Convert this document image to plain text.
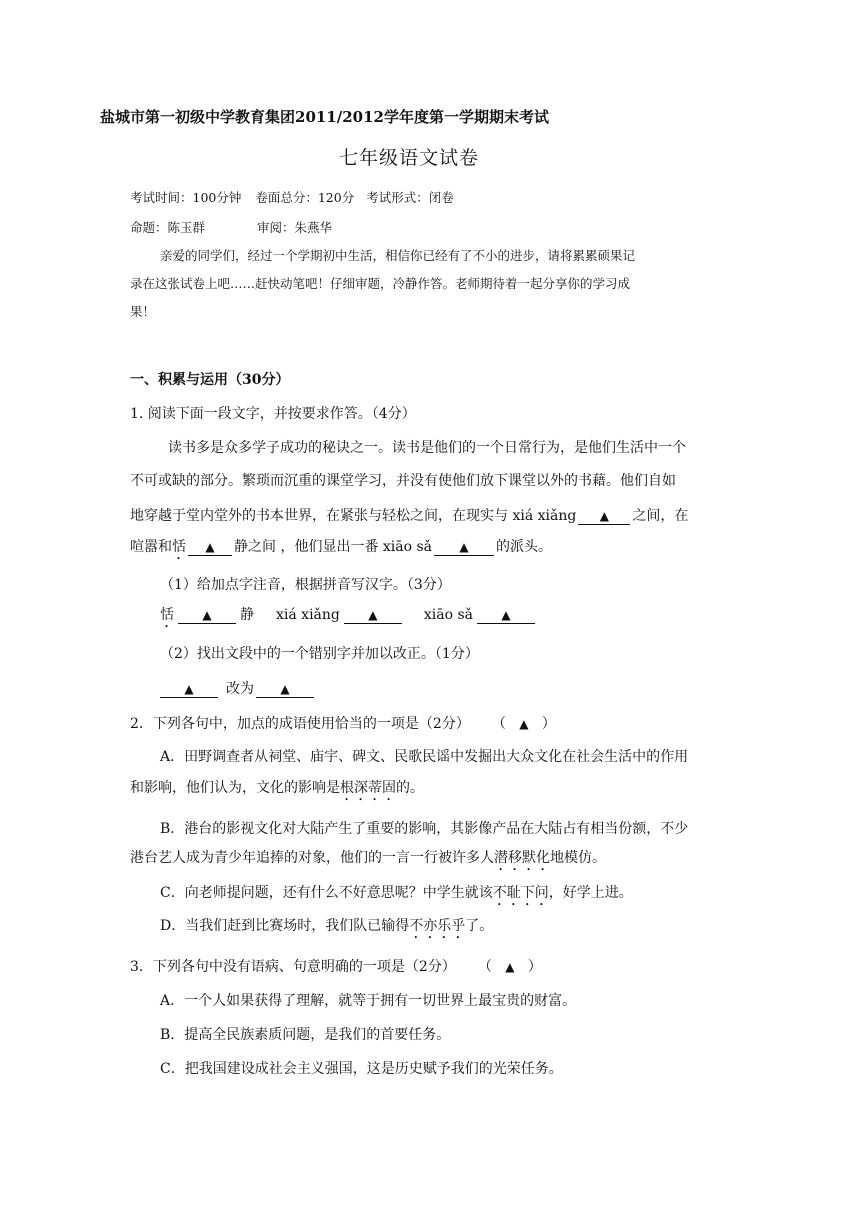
盐城市第一初级中学教育集团2011/2012学年度第一学期期末考试
七年级语文试卷
考试时间：100分钟 卷面总分：120分 考试形式：闭卷
命题：陈玉群	审阅：朱燕华
亲爱的同学们，经过一个学期初中生活，相信你已经有了不小的进步，请将累累硕果记
录在这张试卷上吧……赶快动笔吧！仔细审题，冷静作答。老师期待着一起分享你的学习成
果！
一、积累与运用（30分）
1. 阅读下面一段文字，并按要求作答。（4分）
读书多是众多学子成功的秘诀之一。读书是他们的一个日常行为，是他们生活中一个
不可或缺的部分。繁琐而沉重的课堂学习，并没有使他们放下课堂以外的书藉。他们自如
地穿越于堂内堂外的书本世界，在紧张与轻松之间，在现实与 xiá xiǎng ▲ 之间，在
喧嚣和恬 ▲ 静之间 ，他们显出一番 xiāo sǎ ▲ 的派头。
（1）给加点字注音，根据拼音写汉字。（3分）
恬 ▲ 静 xiá xiǎng ▲	xiāo sǎ ▲
（2）找出文段中的一个错别字并加以改正。（1分）
▲ 改为 ▲
2．下列各句中，加点的成语使用恰当的一项是（2分） （ ▲ ）
A．田野调查者从祠堂、庙宇、碑文、民歌民谣中发掘出大众文化在社会生活中的作用
和影响，他们认为，文化的影响是根深蒂固的。
B．港台的影视文化对大陆产生了重要的影响，其影像产品在大陆占有相当份额，不少
港台艺人成为青少年追捧的对象，他们的一言一行被许多人潜移默化地模仿。
C．向老师提问题，还有什么不好意思呢？中学生就该不耻下问，好学上进。
D．当我们赶到比赛场时，我们队已输得不亦乐乎了。
3．下列各句中没有语病、句意明确的一项是（2分） （ ▲ ）
A．一个人如果获得了理解，就等于拥有一切世界上最宝贵的财富。
B．提高全民族素质问题，是我们的首要任务。
C．把我国建设成社会主义强国，这是历史赋予我们的光荣任务。
